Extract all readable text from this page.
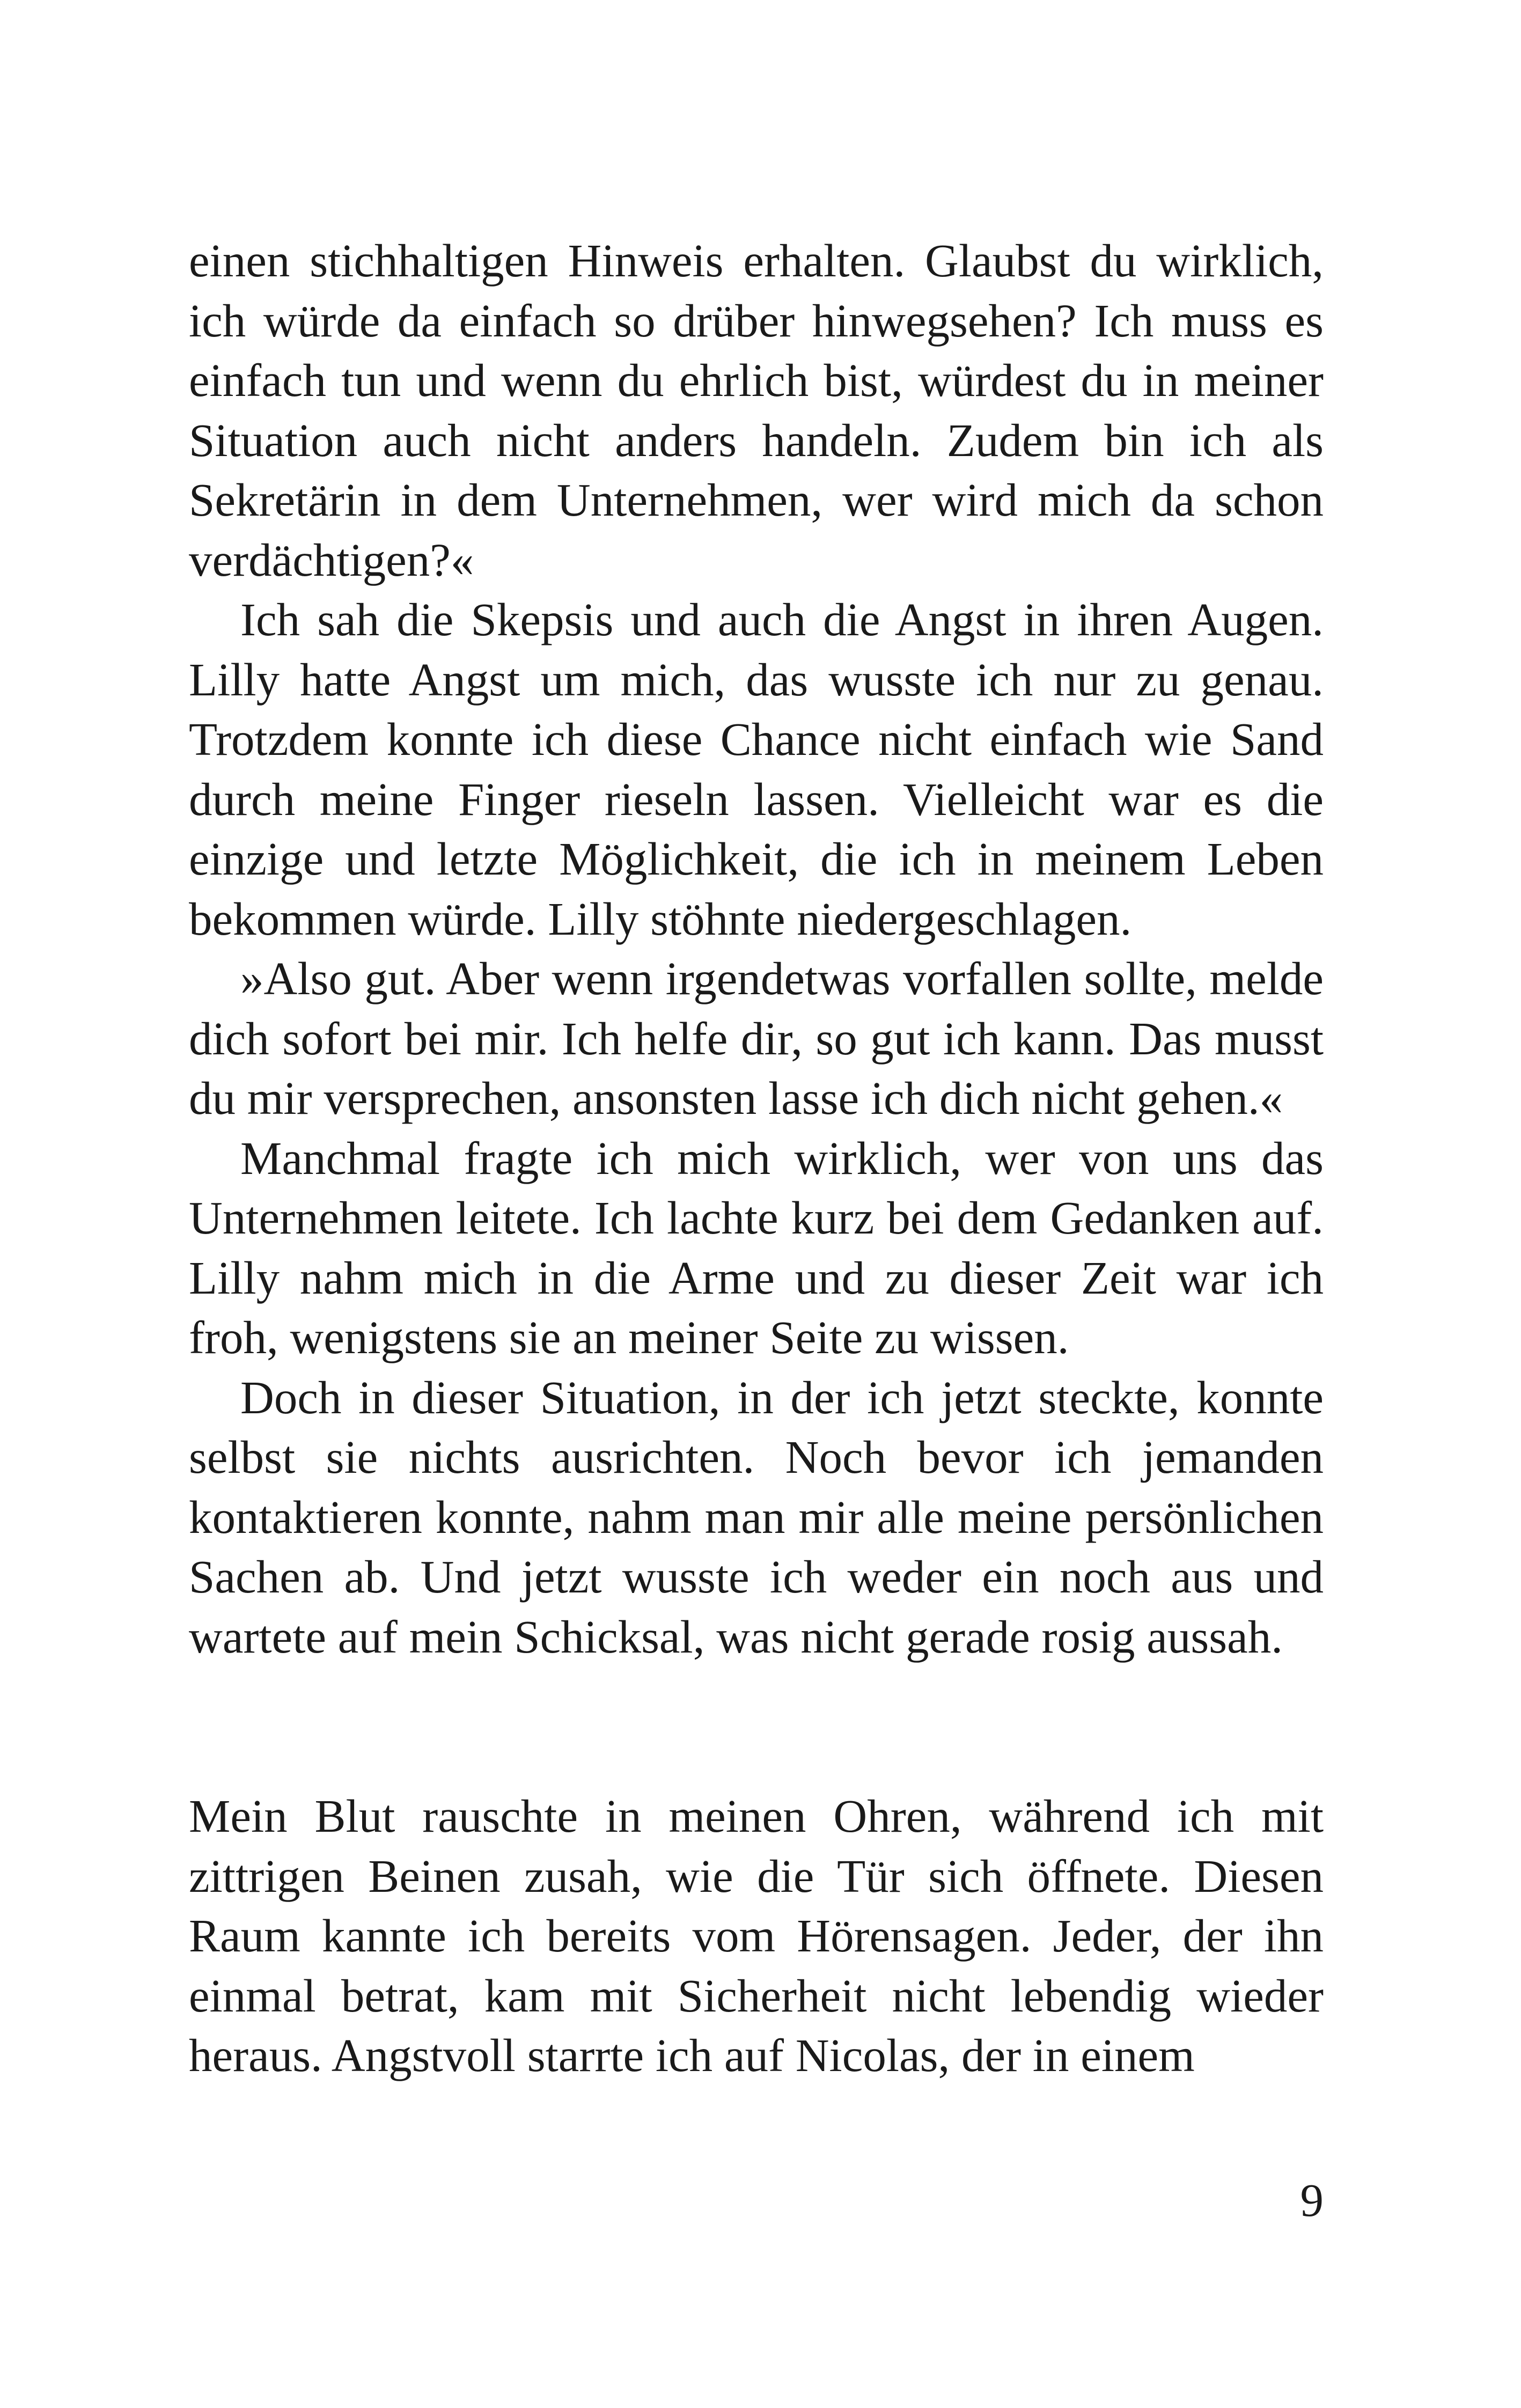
einen stichhaltigen Hinweis erhalten. Glaubst du wirklich, ich würde da einfach so drüber hinwegsehen? Ich muss es einfach tun und wenn du ehrlich bist, würdest du in meiner Situation auch nicht anders handeln. Zudem bin ich als Sekretärin in dem Unternehmen, wer wird mich da schon verdächtigen?«

Ich sah die Skepsis und auch die Angst in ihren Augen. Lilly hatte Angst um mich, das wusste ich nur zu genau. Trotzdem konnte ich diese Chance nicht einfach wie Sand durch meine Finger rieseln lassen. Vielleicht war es die einzige und letzte Möglichkeit, die ich in meinem Leben bekommen würde. Lilly stöhnte niedergeschlagen.

»Also gut. Aber wenn irgendetwas vorfallen sollte, melde dich sofort bei mir. Ich helfe dir, so gut ich kann. Das musst du mir versprechen, ansonsten lasse ich dich nicht gehen.«

Manchmal fragte ich mich wirklich, wer von uns das Unternehmen leitete. Ich lachte kurz bei dem Gedanken auf. Lilly nahm mich in die Arme und zu dieser Zeit war ich froh, wenigstens sie an meiner Seite zu wissen.

Doch in dieser Situation, in der ich jetzt steckte, konnte selbst sie nichts ausrichten. Noch bevor ich jemanden kontaktieren konnte, nahm man mir alle meine persönlichen Sachen ab. Und jetzt wusste ich weder ein noch aus und wartete auf mein Schicksal, was nicht gerade rosig aussah.

Mein Blut rauschte in meinen Ohren, während ich mit zittrigen Beinen zusah, wie die Tür sich öffnete. Diesen Raum kannte ich bereits vom Hörensagen. Jeder, der ihn einmal betrat, kam mit Sicherheit nicht lebendig wieder heraus. Angstvoll starrte ich auf Nicolas, der in einem

9
